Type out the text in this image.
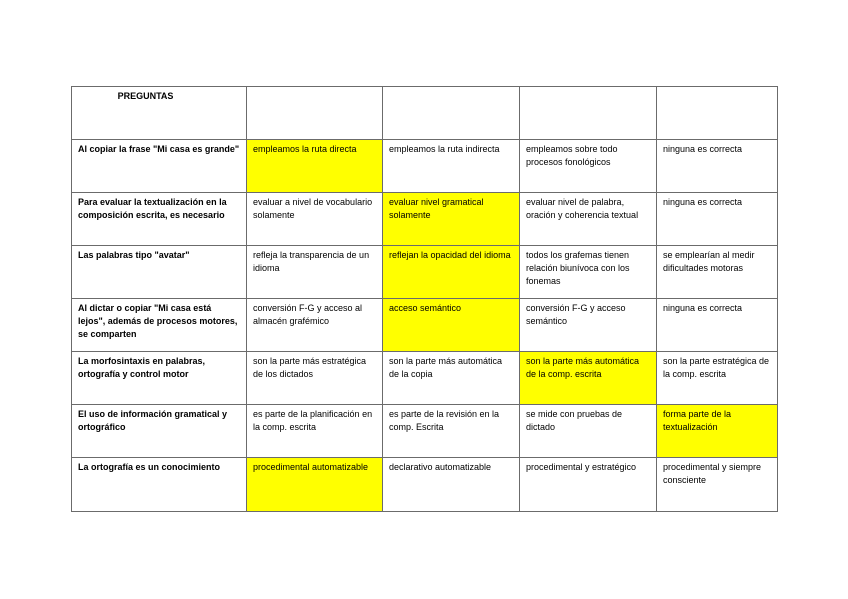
PREGUNTAS				

Al copiar la frase "Mi casa es grande"	empleamos la ruta directa	empleamos la ruta indirecta	empleamos sobre todo procesos fonológicos	ninguna es correcta
Para evaluar la textualización en la composición escrita, es necesario	evaluar a nivel de vocabulario solamente	evaluar nivel gramatical solamente	evaluar nivel de palabra, oración y coherencia textual	ninguna es correcta
Las palabras tipo "avatar"	refleja la transparencia de un idioma	reflejan la opacidad del idioma	todos los grafemas tienen relación biunívoca con los fonemas	se emplearían al medir dificultades motoras
Al dictar o copiar "Mi casa está lejos", además de procesos motores, se comparten	conversión F-G y acceso al almacén grafémico	acceso semántico	conversión F-G y acceso semántico	ninguna es correcta
La morfosintaxis en palabras, ortografía y control motor	son la parte más estratégica de los dictados	son la parte más automática de la copia	son la parte más automática de la comp. escrita	son la parte estratégica de la comp. escrita
El uso de información gramatical y ortográfico	es parte de la planificación en la comp. escrita	es parte de la revisión en la comp. Escrita	se mide con pruebas de dictado	forma parte de la textualización
La ortografía es un conocimiento	procedimental automatizable	declarativo automatizable	procedimental y estratégico	procedimental y siempre consciente
